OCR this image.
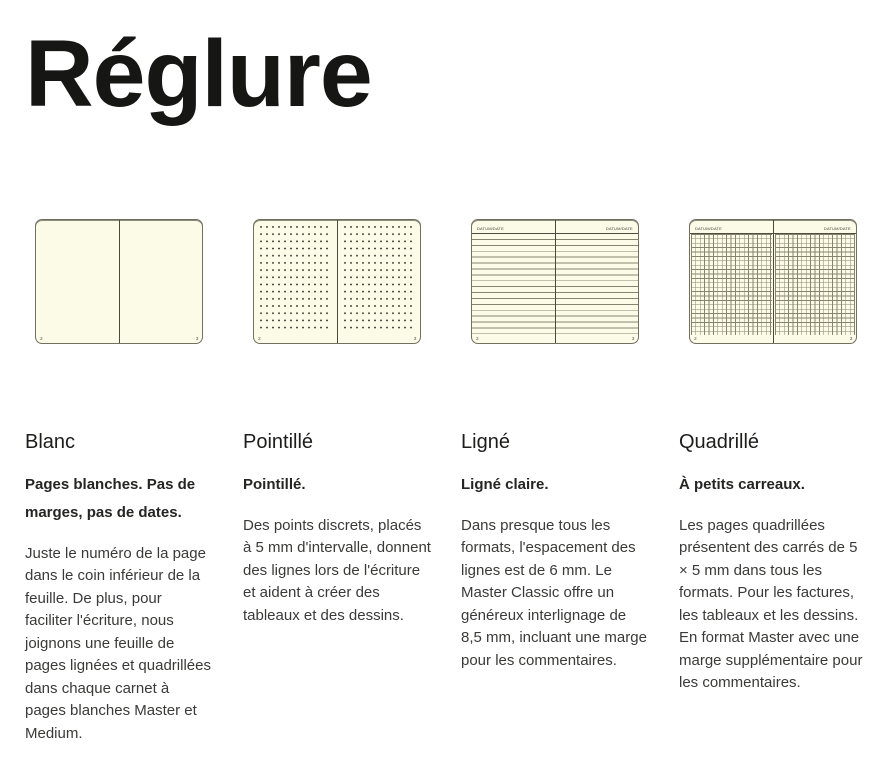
Réglure
2	3
Blanc

Pages blanches. Pas de marges, pas de dates.

Juste le numéro de la page dans le coin inférieur de la feuille. De plus, pour faciliter l'écriture, nous joignons une feuille de pages lignées et quadrillées dans chaque carnet à pages blanches Master et Medium.

2	3
Pointillé

Pointillé.

Des points discrets, placés à 5 mm d'intervalle, donnent des lignes lors de l'écriture et aident à créer des tableaux et des dessins.

DATUM/DATE
2
DATUM/DATE
3
Ligné

Ligné claire.

Dans presque tous les formats, l'espacement des lignes est de 6 mm. Le Master Classic offre un généreux interlignage de 8,5 mm, incluant une marge pour les commentaires.

DATUM/DATE
2
DATUM/DATE
3
Quadrillé

À petits carreaux.

Les pages quadrillées présentent des carrés de 5 × 5 mm dans tous les formats. Pour les factures, les tableaux et les dessins. En format Master avec une marge supplémentaire pour les commentaires.
